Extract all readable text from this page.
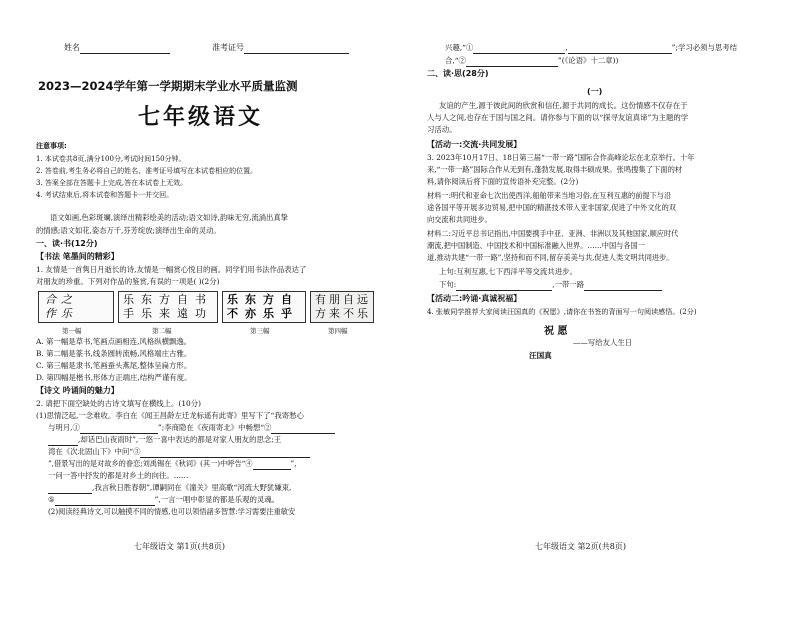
姓名	准考证号
2023—2024学年第一学期期末学业水平质量监测
七年级语文
注意事项:
1. 本试卷共8页,满分100分,考试时间150分钟。
2. 答卷前,考生务必将自己的姓名、准考证号填写在本试卷相应的位置。
3. 答案全部在答题卡上完成,答在本试卷上无效。
4. 考试结束后,将本试卷和答题卡一并交回。
语文如画,色彩斑斓,演绎出精彩绘美的活动;语文如诗,韵味无穷,流淌出真挚
的情感;语文如花,姿态万千,芬芳绽放;演绎出生命的灵动。
一、读·书(12分)
【书法 笔墨间的精彩】
1. 友情是一首隽日月逝长的诗,友情是一幅赏心悦目的画。同学们用书法作品表达了
对朋友的珍重。下列对作品的鉴赏,有误的一项是( )(2分)
合
作
之
乐
乐 东 方 自 书
手 乐 来 遠 功
乐 东 方 自
不 亦 乐 乎
有 朋 自 远
方 来 不 乐
第一幅	第二幅	第三幅	第四幅
A. 第一幅是草书,笔画点画相连,风格纵横飘逸。
B. 第二幅是篆书,线条圆转流畅,风格端庄古雅。
C. 第三幅是隶书,笔画蚕头燕尾,整体呈扁方形。
D. 第四幅是楷书,形体方正端庄,结构严谨有度。
【诗文 吟诵间的魅力】
2. 请把下面空缺处的古诗文填写在横线上。(10分)
(1)思情泛起,一念难收。李白在《闻王昌龄左迁龙标遥有此寄》里写下了“我寄愁心
与明月,①	”;李商隐在《夜雨寄北》中畅想“②
,却话巴山夜雨时”,一悠一喜中表达的都是对家人朋友的思念;王
湾在《次北固山下》中问“③
”,借景写出的是对故乡的眷恋;刘禹锡在《秋词》(其一)中呼告“④	”,
一问一答中抒发的都是对乡土的向往。……
,我言秋日胜春朝”,谭嗣同在《潼关》里高歌“河流大野犹嫌束,
⑤	”,一言一唱中彰显的都是乐观的灵魂。
(2)阅读经典诗文,可以触摸不同的情感,也可以领悟諸多智慧:学习需要注重敏安
七年级语文 第1页(共8页)
兴趣,“①	,	”;学习必须与思考结
合,“②	”(《论语》十二章))
二、读·思(28分)
(一)
友谊的产生,源于彼此间的欣赏和信任,源于共同的成长。这份情感不仅存在于
人与人之间,也存在于国与国之间。请你参与下面的以“探寻友谊真谛”为主题的学
习活动。
【活动一:交流·共同发展】
3. 2023年10月17日、18日第三届“一带一路”国际合作高峰论坛在北京举行。十年
来,“一带一路”国际合作从无到有,蓬勃发展,取得丰硕成果。张鸣搜集了下面的材
料,请你阅读后将下面的宣传语补充完整。(2分)
材料一:明代和亚命七次出使西洋,船舶带来当地习俗,在互利互惠的前提下与沿
途各国平等开展多边贸易,把中国的精湛技术带入亚非国家,促进了中外文化的双
向交流和共同进步。
材料二:习近平总书记指出,中国要携手中亚、亚洲、非洲以及其他国家,顺应时代
潮流,把中国制造、中国技术和中国标准融入世界。……中国与各国一
道,推动共建“一带一路”,坚持和而不同,留存美美与共,促进人类文明共同进步。
上句:互利互惠,七下西洋平等交流共进步。
下句:	,一带一路
【活动二:吟诵·真诚祝福】
4. 张敏同学推荐大家阅读汪国真的《祝愿》,请你在书签的背面写一句阅读感悟。(2分)
祝 愿
——写给友人生日
汪国真
七年级语文 第2页(共8页)
